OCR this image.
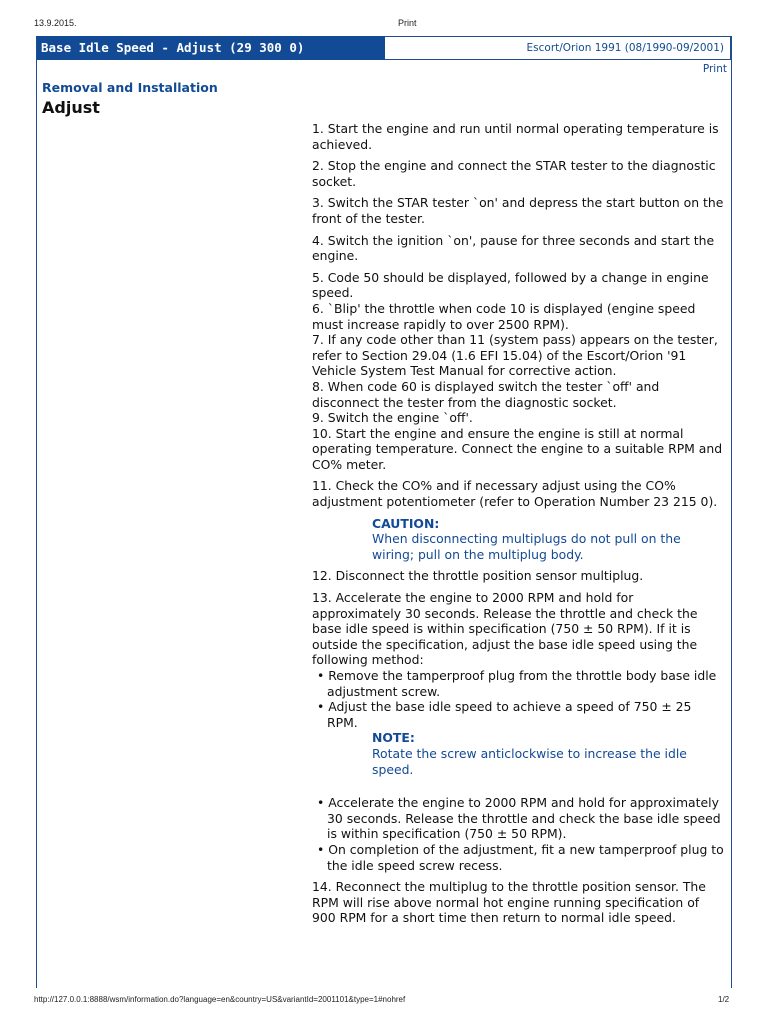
13.9.2015.	Print
Base Idle Speed - Adjust (29 300 0)	Escort/Orion 1991 (08/1990-09/2001)
Print
Removal and Installation
Adjust

1. Start the engine and run until normal operating temperature is achieved.

2. Stop the engine and connect the STAR tester to the diagnostic socket.

3. Switch the STAR tester `on' and depress the start button on the front of the tester.

4. Switch the ignition `on', pause for three seconds and start the engine.

5. Code 50 should be displayed, followed by a change in engine speed.

6. `Blip' the throttle when code 10 is displayed (engine speed must increase rapidly to over 2500 RPM).

7. If any code other than 11 (system pass) appears on the tester, refer to Section 29.04 (1.6 EFI 15.04) of the Escort/Orion '91 Vehicle System Test Manual for corrective action.

8. When code 60 is displayed switch the tester `off' and disconnect the tester from the diagnostic socket.

9. Switch the engine `off'.

10. Start the engine and ensure the engine is still at normal operating temperature. Connect the engine to a suitable RPM and CO% meter.

11. Check the CO% and if necessary adjust using the CO% adjustment potentiometer (refer to Operation Number 23 215 0).

CAUTION:
When disconnecting multiplugs do not pull on the wiring; pull on the multiplug body.

12. Disconnect the throttle position sensor multiplug.

13. Accelerate the engine to 2000 RPM and hold for approximately 30 seconds. Release the throttle and check the base idle speed is within specification (750 ± 50 RPM). If it is outside the specification, adjust the base idle speed using the following method:

• Remove the tamperproof plug from the throttle body base idle adjustment screw.
• Adjust the base idle speed to achieve a speed of 750 ± 25 RPM.
NOTE:
Rotate the screw anticlockwise to increase the idle speed.
• Accelerate the engine to 2000 RPM and hold for approximately 30 seconds. Release the throttle and check the base idle speed is within specification (750 ± 50 RPM).
• On completion of the adjustment, fit a new tamperproof plug to the idle speed screw recess.

14. Reconnect the multiplug to the throttle position sensor. The RPM will rise above normal hot engine running specification of 900 RPM for a short time then return to normal idle speed.

http://127.0.0.1:8888/wsm/information.do?language=en&country=US&variantId=2001101&type=1#nohref	1/2
